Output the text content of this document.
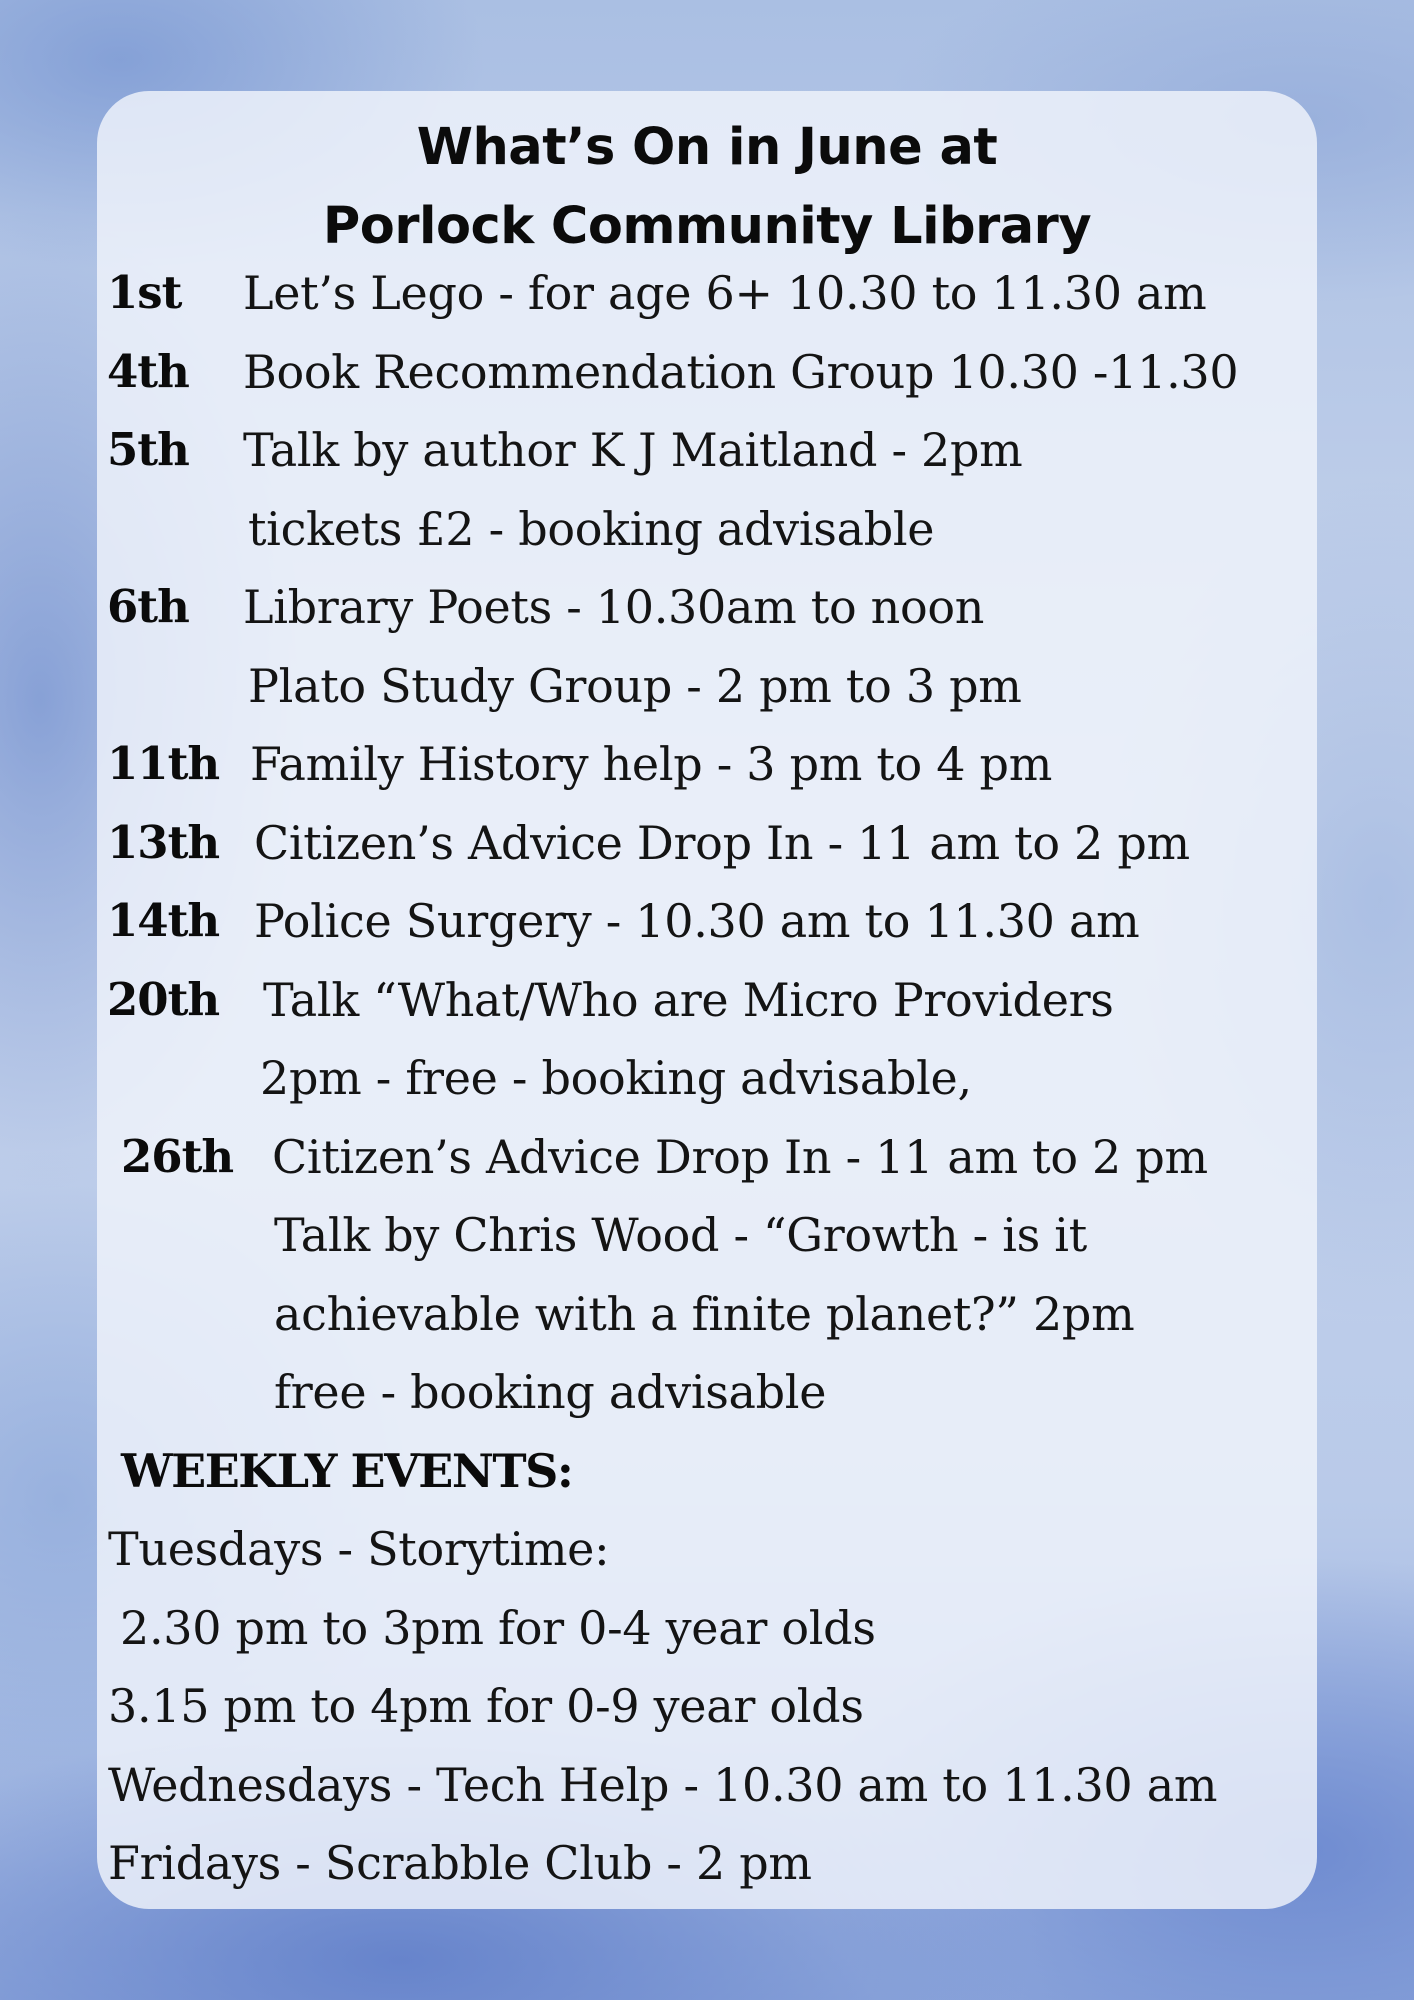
What’s On in June at
Porlock Community Library
1st Let’s Lego - for age 6+ 10.30 to 11.30 am
4th Book Recommendation Group 10.30 -11.30
5th Talk by author K J Maitland - 2pm
tickets £2 - booking advisable
6th Library Poets - 10.30am to noon
Plato Study Group - 2 pm to 3 pm
11th Family History help - 3 pm to 4 pm
13th Citizen’s Advice Drop In - 11 am to 2 pm
14th Police Surgery - 10.30 am to 11.30 am
20th Talk “What/Who are Micro Providers
2pm - free - booking advisable,
26th Citizen’s Advice Drop In - 11 am to 2 pm
Talk by Chris Wood - “Growth - is it
achievable with a finite planet?” 2pm
free - booking advisable
WEEKLY EVENTS:
Tuesdays - Storytime:
2.30 pm to 3pm for 0-4 year olds
3.15 pm to 4pm for 0-9 year olds
Wednesdays - Tech Help - 10.30 am to 11.30 am
Fridays - Scrabble Club - 2 pm
